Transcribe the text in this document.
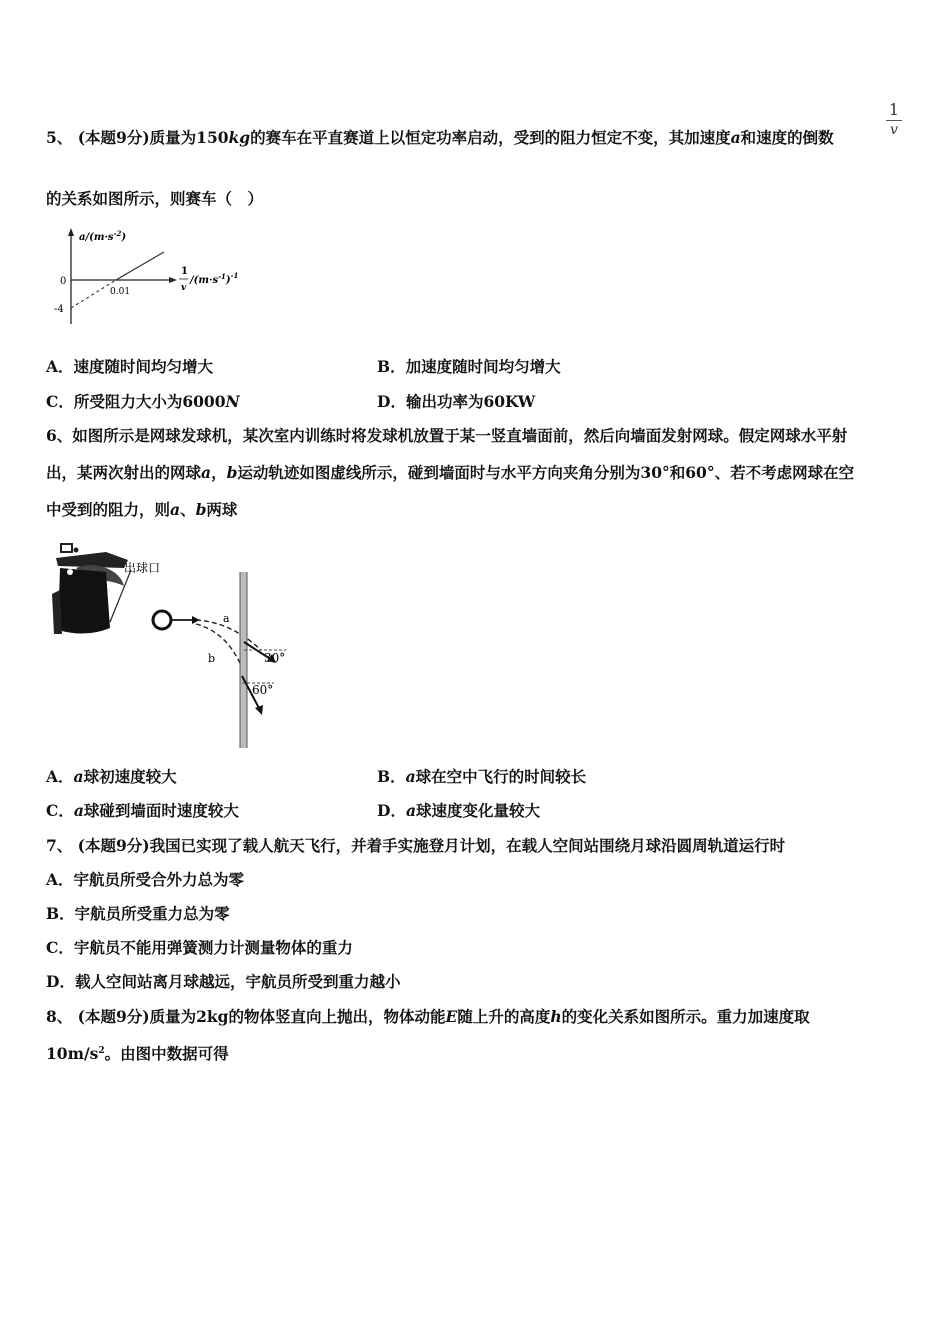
5、 (本题9分)质量为150kg的赛车在平直赛道上以恒定功率启动，受到的阻力恒定不变，其加速度a和速度的倒数
1
v
的关系如图所示，则赛车（　）
$a/(m\cdot s^{-2})$
0
-4
0.01
1
v
$/(m\cdot s^{-1})^{-1}$
A．速度随时间均匀增大	B．加速度随时间均匀增大
C．所受阻力大小为6000N	D．输出功率为60KW
6、如图所示是网球发球机，某次室内训练时将发球机放置于某一竖直墙面前，然后向墙面发射网球。假定网球水平射
出，某两次射出的网球a，b运动轨迹如图虚线所示，碰到墙面时与水平方向夹角分别为30°和60°、若不考虑网球在空
中受到的阻力，则a、b两球
出球口
a
b	30°
60°
A．a球初速度较大	B．a球在空中飞行的时间较长
C．a球碰到墙面时速度较大	D．a球速度变化量较大
7、 (本题9分)我国已实现了载人航天飞行，并着手实施登月计划，在载人空间站围绕月球沿圆周轨道运行时
A．宇航员所受合外力总为零
B．宇航员所受重力总为零
C．宇航员不能用弹簧测力计测量物体的重力
D．载人空间站离月球越远，宇航员所受到重力越小
8、 (本题9分)质量为2kg的物体竖直向上抛出，物体动能E随上升的高度h的变化关系如图所示。重力加速度取
$10m/s^2$。由图中数据可得
